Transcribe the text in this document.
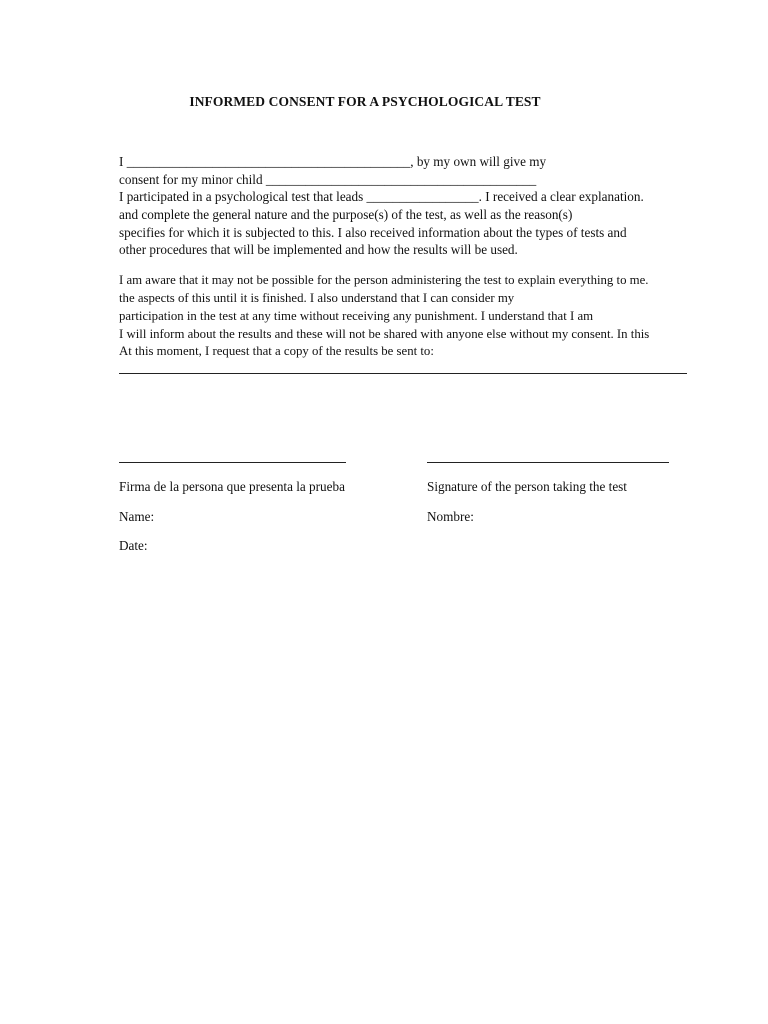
INFORMED CONSENT FOR A PSYCHOLOGICAL TEST
I ___________________________________________, by my own will give my
consent for my minor child _________________________________________
I participated in a psychological test that leads _________________. I received a clear explanation.
and complete the general nature and the purpose(s) of the test, as well as the reason(s)
specifies for which it is subjected to this. I also received information about the types of tests and
other procedures that will be implemented and how the results will be used.
I am aware that it may not be possible for the person administering the test to explain everything to me.
the aspects of this until it is finished. I also understand that I can consider my
participation in the test at any time without receiving any punishment. I understand that I am
I will inform about the results and these will not be shared with anyone else without my consent. In this
At this moment, I request that a copy of the results be sent to:
Firma de la persona que presenta la prueba	Signature of the person taking the test
Name:	Nombre:
Date:
